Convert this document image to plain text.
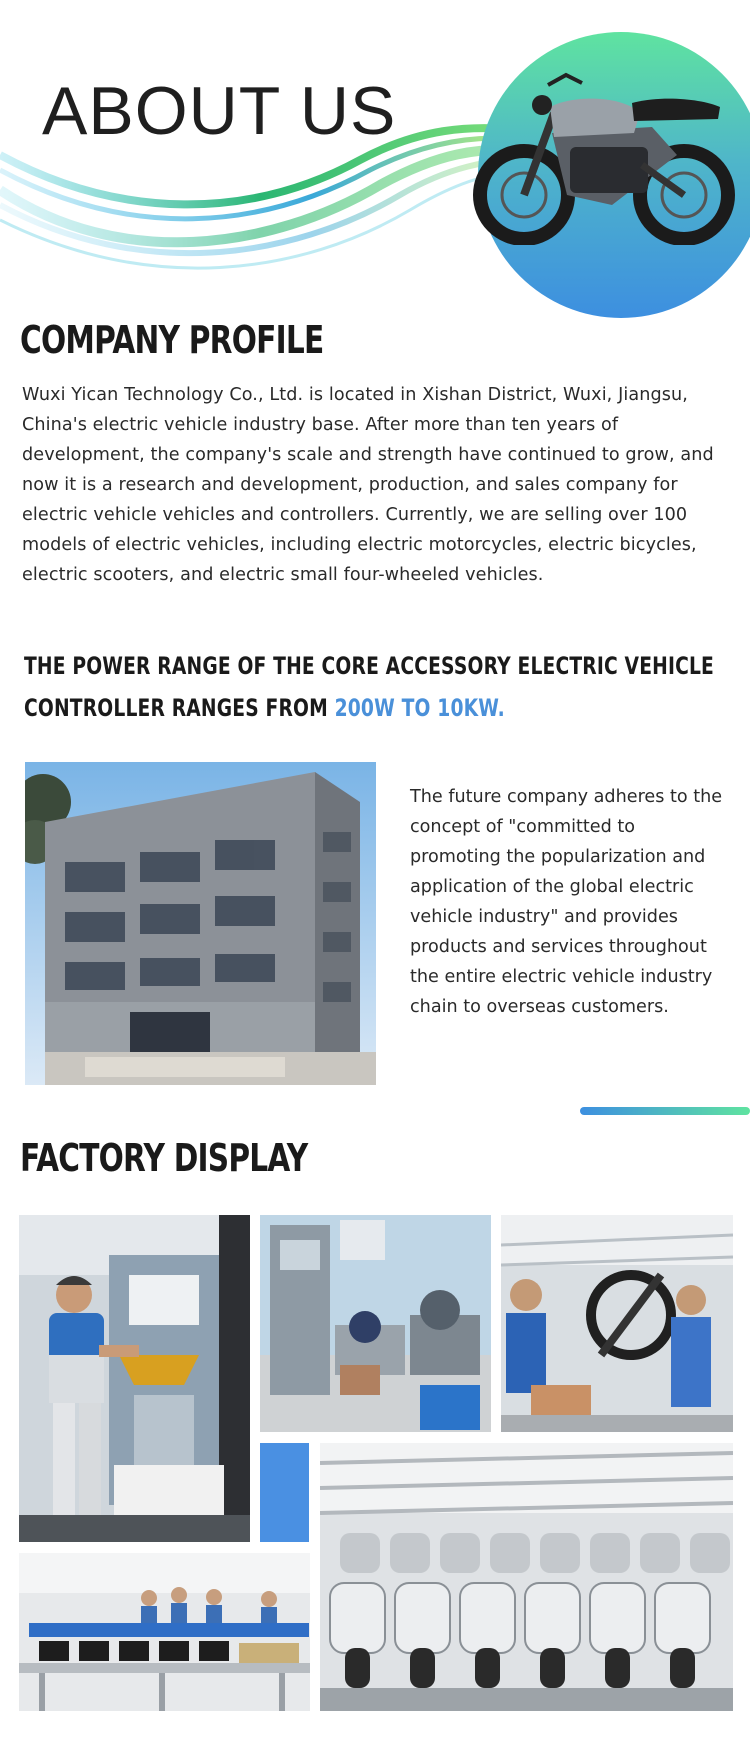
ABOUT US
COMPANY PROFILE

Wuxi Yican Technology Co., Ltd. is located in Xishan District, Wuxi, Jiangsu, China's electric vehicle industry base. After more than ten years of development, the company's scale and strength have continued to grow, and now it is a research and development, production, and sales company for electric vehicle vehicles and controllers. Currently, we are selling over 100 models of electric vehicles, including electric motorcycles, electric bicycles, electric scooters, and electric small four-wheeled vehicles.

THE POWER RANGE OF THE CORE ACCESSORY ELECTRIC VEHICLE
CONTROLLER RANGES FROM 200W TO 10KW.

The future company adheres to the concept of "committed to promoting the popularization and application of the global electric vehicle industry" and provides products and services throughout the entire electric vehicle industry chain to overseas customers.

FACTORY DISPLAY
